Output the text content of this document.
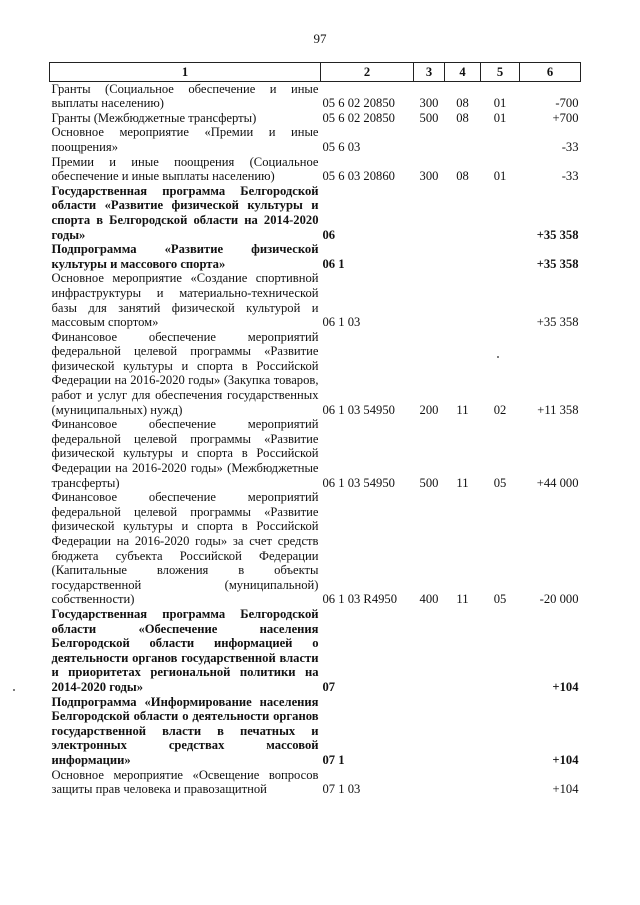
97
1	2	3	4	5	6
Гранты (Социальное обеспечение и иные выплаты населению)	05 6 02 20850	300	08	01	-700
Гранты (Межбюджетные трансферты)	05 6 02 20850	500	08	01	+700
Основное мероприятие «Премии и иные поощрения»	05 6 03				-33
Премии и иные поощрения (Социальное обеспечение и иные выплаты населению)	05 6 03 20860	300	08	01	-33
Государственная программа Белгородской области «Развитие физической культуры и спорта в Белгородской области на 2014-2020 годы»	06				+35 358
Подпрограмма «Развитие физической культуры и массового спорта»	06 1				+35 358
Основное мероприятие «Создание спортивной инфраструктуры и материально-технической базы для занятий физической культурой и массовым спортом»	06 1 03				+35 358
Финансовое обеспечение мероприятий федеральной целевой программы «Развитие физической культуры и спорта в Российской Федерации на 2016-2020 годы» (Закупка товаров, работ и услуг для обеспечения государственных (муниципальных) нужд)	06 1 03 54950	200	11	02	+11 358
Финансовое обеспечение мероприятий федеральной целевой программы «Развитие физической культуры и спорта в Российской Федерации на 2016-2020 годы» (Межбюджетные трансферты)	06 1 03 54950	500	11	05	+44 000
Финансовое обеспечение мероприятий федеральной целевой программы «Развитие физической культуры и спорта в Российской Федерации на 2016-2020 годы» за счет средств бюджета субъекта Российской Федерации (Капитальные вложения в объекты государственной (муниципальной) собственности)	06 1 03 R4950	400	11	05	-20 000
Государственная программа Белгородской области «Обеспечение населения Белгородской области информацией о деятельности органов государственной власти и приоритетах региональной политики на 2014-2020 годы»	07				+104
Подпрограмма «Информирование населения Белгородской области о деятельности органов государственной власти в печатных и электронных средствах массовой информации»	07 1				+104
Основное мероприятие «Освещение вопросов защиты прав человека и правозащитной	07 1 03				+104
